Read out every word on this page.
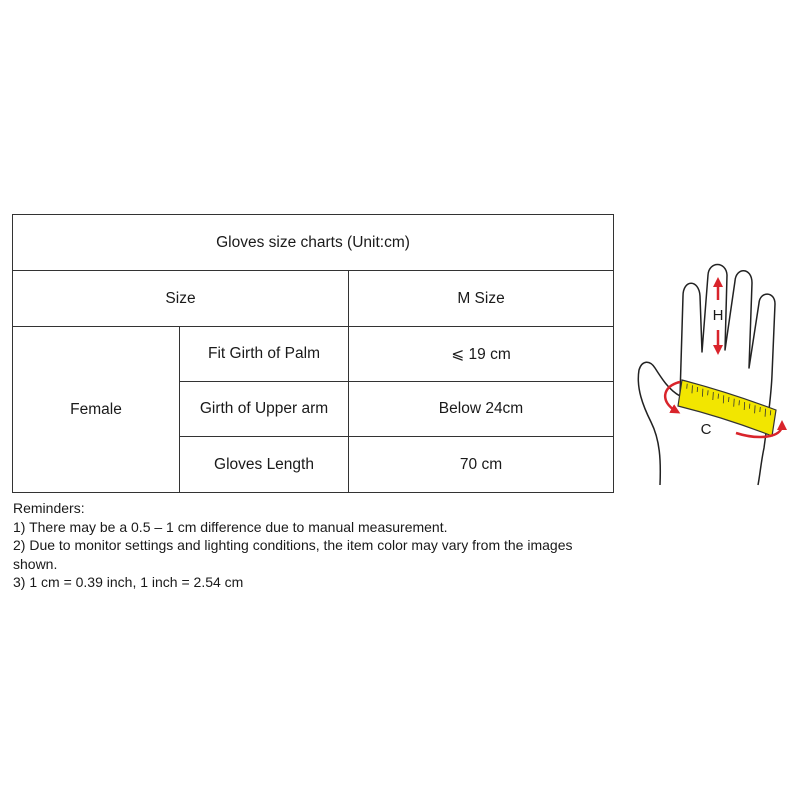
Gloves size charts (Unit:cm)		
Size		M Size
Female	Fit Girth of Palm	⩽ 19 cm
	Girth of Upper arm	Below 24cm
	Gloves Length	70 cm
Reminders:
1) There may be a 0.5 – 1 cm difference due to manual measurement.
2) Due to monitor settings and lighting conditions, the item color may vary from the images shown.
3) 1 cm = 0.39 inch, 1 inch = 2.54 cm
H
C
